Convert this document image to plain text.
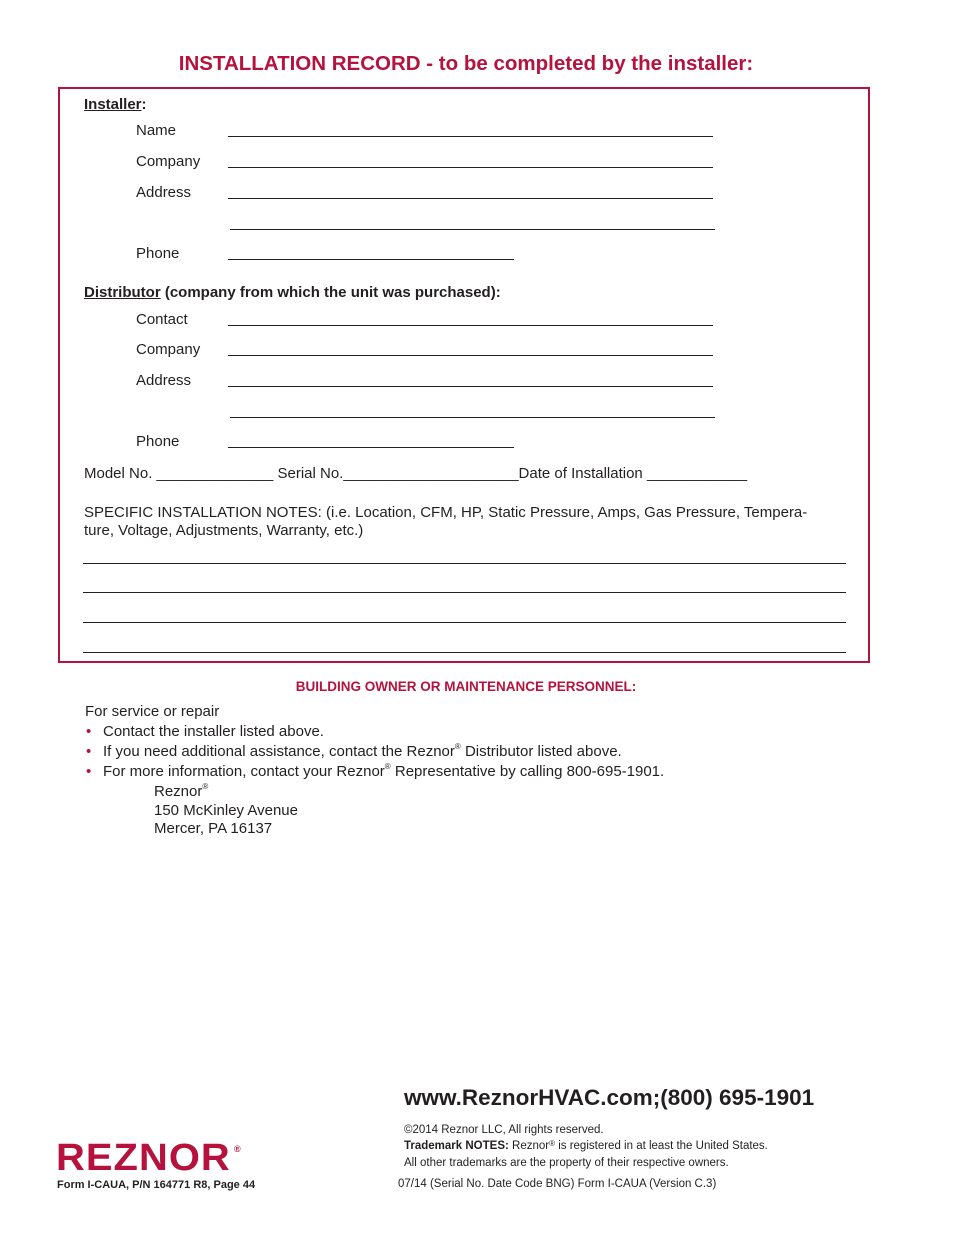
INSTALLATION RECORD - to be completed by the installer:
Installer:
Name
Company
Address
Phone
Distributor (company from which the unit was purchased):
Contact
Company
Address
Phone
Model No. ______________ Serial No._____________________Date of Installation ____________
SPECIFIC INSTALLATION NOTES: (i.e. Location, CFM, HP, Static Pressure, Amps, Gas Pressure, Tempera-
ture, Voltage, Adjustments, Warranty, etc.)
BUILDING OWNER OR MAINTENANCE PERSONNEL:
For service or repair
• Contact the installer listed above.
• If you need additional assistance, contact the Reznor® Distributor listed above.
• For more information, contact your Reznor® Representative by calling 800-695-1901.
Reznor®
150 McKinley Avenue
Mercer, PA 16137
www.ReznorHVAC.com;(800) 695-1901
©2014 Reznor LLC, All rights reserved.
Trademark NOTES: Reznor® is registered in at least the United States.
All other trademarks are the property of their respective owners.
07/14 (Serial No. Date Code BNG) Form I-CAUA (Version C.3)
REZNOR ®
Form I-CAUA, P/N 164771 R8, Page 44
